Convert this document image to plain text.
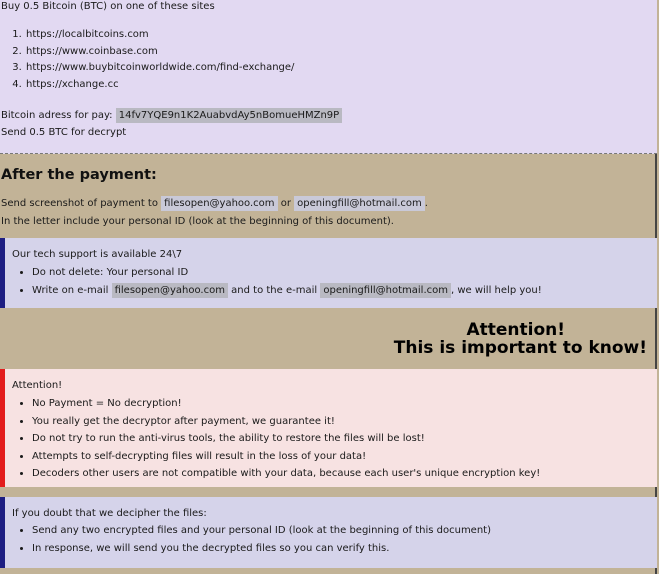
Buy 0.5 Bitcoin (BTC) on one of these sites
1. https://localbitcoins.com
2. https://www.coinbase.com
3. https://www.buybitcoinworldwide.com/find-exchange/
4. https://xchange.cc
Bitcoin adress for pay: 14fv7YQE9n1K2AuabvdAy5nBomueHMZn9P
Send 0.5 BTC for decrypt
After the payment:
Send screenshot of payment to filesopen@yahoo.com or openingfill@hotmail.com .
In the letter include your personal ID (look at the beginning of this document).
Our tech support is available 24\7
• Do not delete: Your personal ID
• Write on e-mail filesopen@yahoo.com and to the e-mail openingfill@hotmail.com , we will help you!
Attention!
This is important to know!
Attention!
• No Payment = No decryption!
• You really get the decryptor after payment, we guarantee it!
• Do not try to run the anti-virus tools, the ability to restore the files will be lost!
• Attempts to self-decrypting files will result in the loss of your data!
• Decoders other users are not compatible with your data, because each user's unique encryption key!
If you doubt that we decipher the files:
• Send any two encrypted files and your personal ID (look at the beginning of this document)
• In response, we will send you the decrypted files so you can verify this.
